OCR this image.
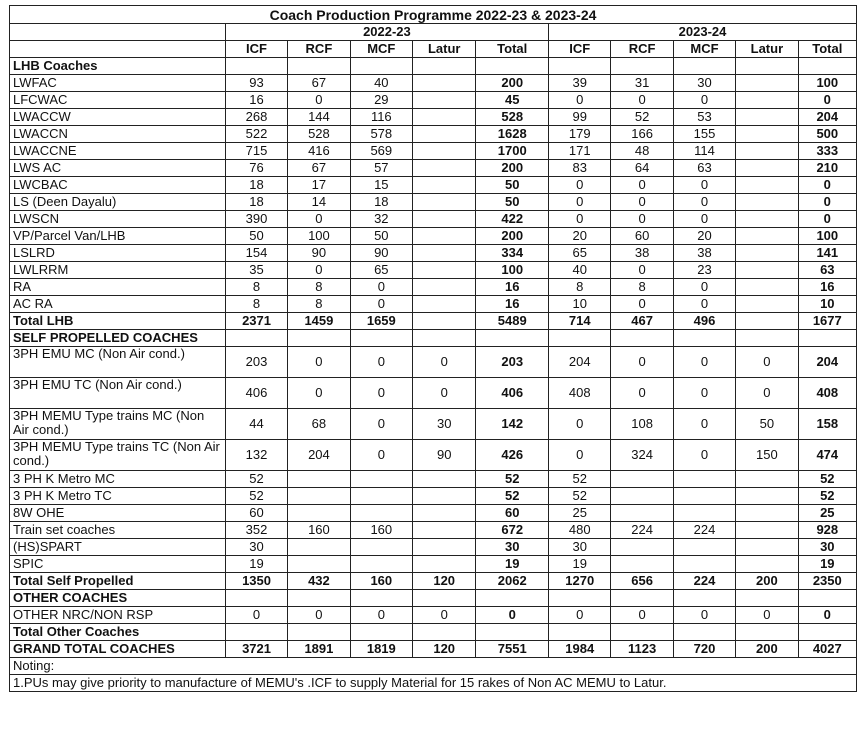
Coach Production Programme 2022-23 & 2023-24										
	2022-23					2023-24				
	ICF	RCF	MCF	Latur	Total	ICF	RCF	MCF	Latur	Total
LHB Coaches										
LWFAC	93	67	40		200	39	31	30		100
LFCWAC	16	0	29		45	0	0	0		0
LWACCW	268	144	116		528	99	52	53		204
LWACCN	522	528	578		1628	179	166	155		500
LWACCNE	715	416	569		1700	171	48	114		333
LWS AC	76	67	57		200	83	64	63		210
LWCBAC	18	17	15		50	0	0	0		0
LS (Deen Dayalu)	18	14	18		50	0	0	0		0
LWSCN	390	0	32		422	0	0	0		0
VP/Parcel Van/LHB	50	100	50		200	20	60	20		100
LSLRD	154	90	90		334	65	38	38		141
LWLRRM	35	0	65		100	40	0	23		63
RA	8	8	0		16	8	8	0		16
AC RA	8	8	0		16	10	0	0		10
Total LHB	2371	1459	1659		5489	714	467	496		1677
SELF PROPELLED COACHES										
3PH EMU MC (Non Air cond.)	203	0	0	0	203	204	0	0	0	204
3PH EMU TC (Non Air cond.)	406	0	0	0	406	408	0	0	0	408
3PH MEMU Type trains MC (Non Air cond.)	44	68	0	30	142	0	108	0	50	158
3PH MEMU Type trains TC (Non Air cond.)	132	204	0	90	426	0	324	0	150	474
3 PH K Metro MC	52				52	52				52
3 PH K Metro TC	52				52	52				52
8W OHE	60				60	25				25
Train set coaches	352	160	160		672	480	224	224		928
(HS)SPART	30				30	30				30
SPIC	19				19	19				19
Total Self Propelled	1350	432	160	120	2062	1270	656	224	200	2350
OTHER COACHES										
OTHER NRC/NON RSP	0	0	0	0	0	0	0	0	0	0
Total Other Coaches										
GRAND TOTAL COACHES	3721	1891	1819	120	7551	1984	1123	720	200	4027
Noting:										
1.PUs may give priority to manufacture of MEMU's .ICF to supply Material for 15 rakes of Non AC MEMU to Latur.										
